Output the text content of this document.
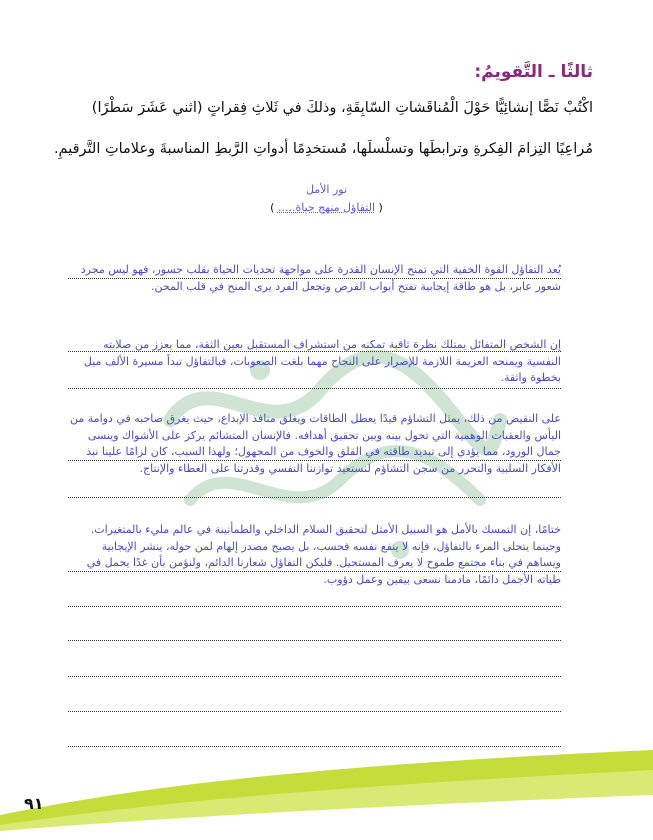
ثالثًا ـ التَّقويمُ:
اكْتُبْ نَصًّا إنشائِيًّا حَوْلَ الْمُناقَشاتِ السّابِقَةِ، وذلكَ في ثَلاثِ فِقراتٍ (اثني عَشَرَ سَطْرًا)
مُراعِيًا التِزامَ الفِكرةِ وترابطَها وتسلْسلَها، مُستخدِمًا أدواتِ الرَّبطِ المناسبةَ وعلاماتِ التَّرقيمِ.
نور الأمل
( التفاؤل منهج حياة..... )
يُعد التفاؤل القوة الخفية التي تمنح الإنسان القدرة على مواجهة تحديات الحياة بقلب جسور، فهو ليس مجرد شعور عابر، بل هو طاقة إيجابية تفتح أبواب الفرص وتجعل الفرد يرى المنح في قلب المحن.
إن الشخص المتفائل يمتلك نظرة ثاقبة تمكنه من استشراف المستقبل بعين الثقة، مما يعزز من صلابته النفسية ويمنحه العزيمة اللازمة للإصرار على النجاح مهما بلغت الصعوبات، فبالتفاؤل تبدأ مسيرة الألف ميل بخطوة واثقة.
على النقيض من ذلك، يمثل التشاؤم قيدًا يعطل الطاقات ويغلق منافذ الإبداع، حيث يغرق صاحبه في دوامة من اليأس والعقبات الوهمية التي تحول بينه وبين تحقيق أهدافه. فالإنسان المتشائم يركز على الأشواك وينسى جمال الورود، مما يؤدي إلى تبديد طاقته في القلق والخوف من المجهول؛ ولهذا السبب، كان لزامًا علينا نبذ الأفكار السلبية والتحرر من سجن التشاؤم لنستعيد توازننا النفسي وقدرتنا على العطاء والإنتاج.
ختامًا، إن التمسك بالأمل هو السبيل الأمثل لتحقيق السلام الداخلي والطمأنينة في عالم مليء بالمتغيرات. وحينما يتحلى المرء بالتفاؤل، فإنه لا ينفع نفسه فحسب، بل يصبح مصدر إلهام لمن حوله، ينشر الإيجابية ويساهم في بناء مجتمع طموح لا يعرف المستحيل. فليكن التفاؤل شعارنا الدائم، ولنؤمن بأن غدًا يحمل في طياته الأجمل دائمًا، مادمنا نسعى بيقين وعمل دؤوب.
٩١
